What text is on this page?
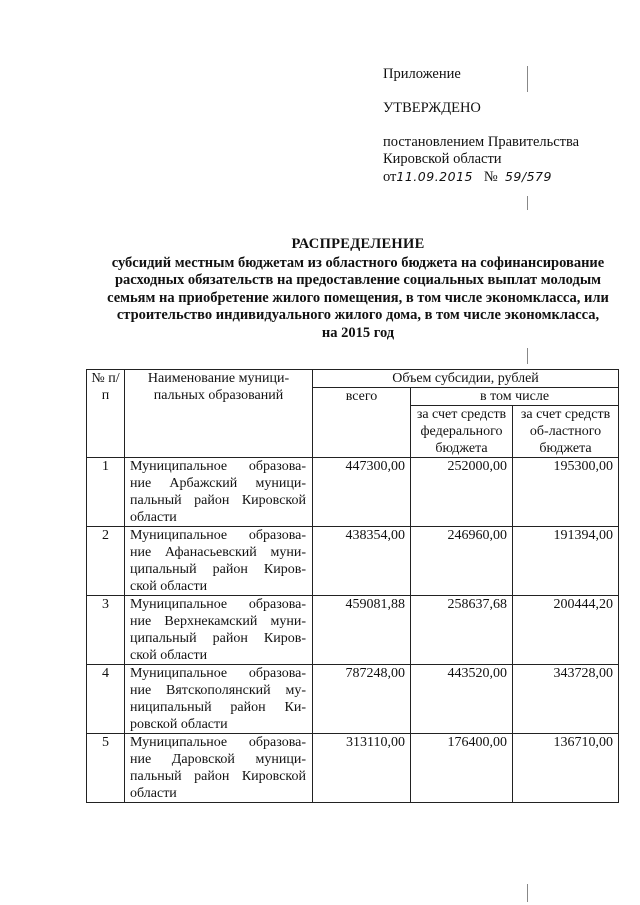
Приложение
УТВЕРЖДЕНО
постановлением Правительства
Кировской области
от11.09.2015 № 59/579
РАСПРЕДЕЛЕНИЕ
субсидий местным бюджетам из областного бюджета на софинансирование
расходных обязательств на предоставление социальных выплат молодым
семьям на приобретение жилого помещения, в том числе экономкласса, или
строительство индивидуального жилого дома, в том числе экономкласса,
на 2015 год
№ п/п	Наименование муници-пальных образований	Объем субсидии, рублей		
		всего	в том числе	
			за счет средств федерального бюджета	за счет средств об-ластного бюджета
1	Муниципальное образова-ние Арбажский муници-пальный район Кировской области	447300,00	252000,00	195300,00
2	Муниципальное образова-ние Афанасьевский муни-ципальный район Киров-ской области	438354,00	246960,00	191394,00
3	Муниципальное образова-ние Верхнекамский муни-ципальный район Киров-ской области	459081,88	258637,68	200444,20
4	Муниципальное образова-ние Вятскополянский му-ниципальный район Ки-ровской области	787248,00	443520,00	343728,00
5	Муниципальное образова-ние Даровской муници-пальный район Кировской области	313110,00	176400,00	136710,00
